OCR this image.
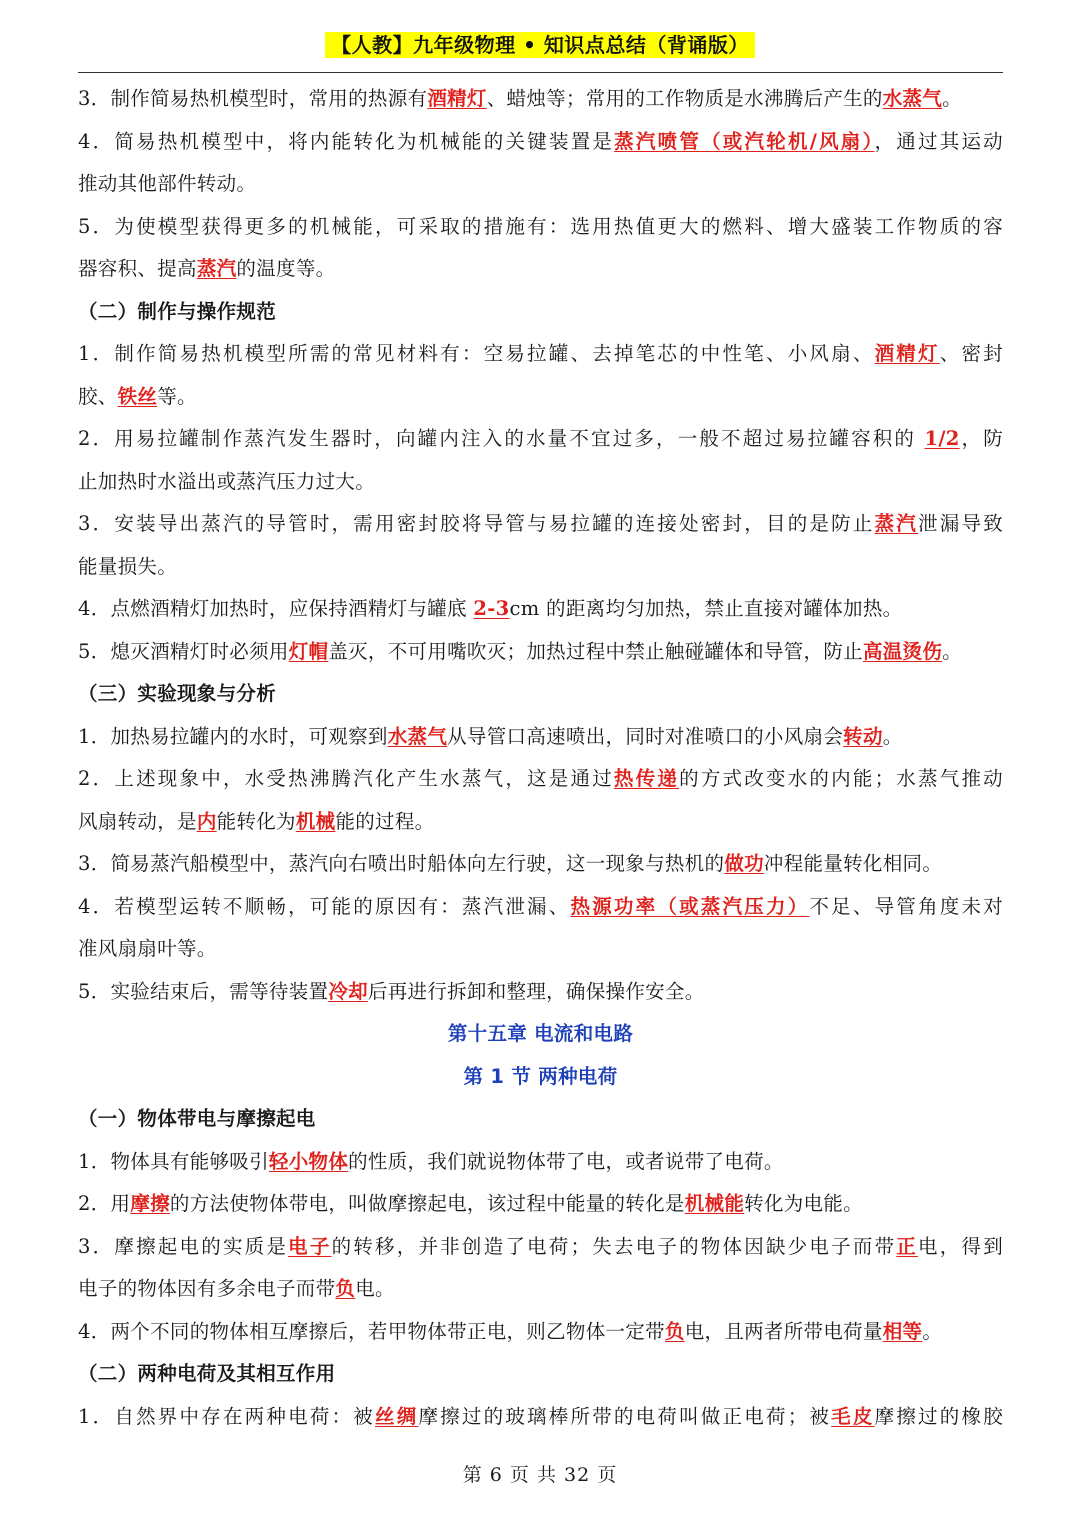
【人教】九年级物理 • 知识点总结（背诵版）
3．制作简易热机模型时，常用的热源有酒精灯、蜡烛等；常用的工作物质是水沸腾后产生的水蒸气。
4．简易热机模型中，将内能转化为机械能的关键装置是蒸汽喷管（或汽轮机/风扇），通过其运动
推动其他部件转动。
5．为使模型获得更多的机械能，可采取的措施有：选用热值更大的燃料、增大盛装工作物质的容
器容积、提高蒸汽的温度等。
（二）制作与操作规范
1．制作简易热机模型所需的常见材料有：空易拉罐、去掉笔芯的中性笔、小风扇、酒精灯、密封
胶、铁丝等。
2．用易拉罐制作蒸汽发生器时，向罐内注入的水量不宜过多，一般不超过易拉罐容积的 1/2，防
止加热时水溢出或蒸汽压力过大。
3．安装导出蒸汽的导管时，需用密封胶将导管与易拉罐的连接处密封，目的是防止蒸汽泄漏导致
能量损失。
4．点燃酒精灯加热时，应保持酒精灯与罐底 2-3cm 的距离均匀加热，禁止直接对罐体加热。
5．熄灭酒精灯时必须用灯帽盖灭，不可用嘴吹灭；加热过程中禁止触碰罐体和导管，防止高温烫伤。
（三）实验现象与分析
1．加热易拉罐内的水时，可观察到水蒸气从导管口高速喷出，同时对准喷口的小风扇会转动。
2．上述现象中，水受热沸腾汽化产生水蒸气，这是通过热传递的方式改变水的内能；水蒸气推动
风扇转动，是内能转化为机械能的过程。
3．简易蒸汽船模型中，蒸汽向右喷出时船体向左行驶，这一现象与热机的做功冲程能量转化相同。
4．若模型运转不顺畅，可能的原因有：蒸汽泄漏、热源功率（或蒸汽压力）不足、导管角度未对
准风扇扇叶等。
5．实验结束后，需等待装置冷却后再进行拆卸和整理，确保操作安全。
第十五章 电流和电路
第 1 节 两种电荷
（一）物体带电与摩擦起电
1．物体具有能够吸引轻小物体的性质，我们就说物体带了电，或者说带了电荷。
2．用摩擦的方法使物体带电，叫做摩擦起电，该过程中能量的转化是机械能转化为电能。
3．摩擦起电的实质是电子的转移，并非创造了电荷；失去电子的物体因缺少电子而带正电，得到
电子的物体因有多余电子而带负电。
4．两个不同的物体相互摩擦后，若甲物体带正电，则乙物体一定带负电，且两者所带电荷量相等。
（二）两种电荷及其相互作用
1．自然界中存在两种电荷：被丝绸摩擦过的玻璃棒所带的电荷叫做正电荷；被毛皮摩擦过的橡胶
第 6 页 共 32 页
